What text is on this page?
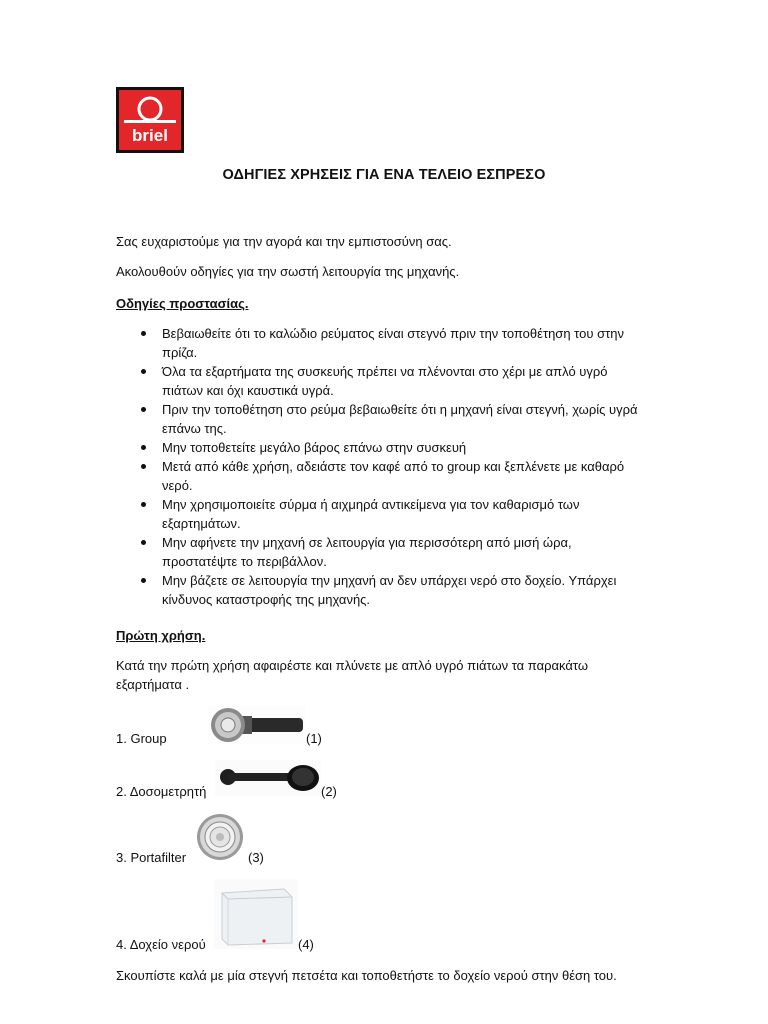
briel
ΟΔΗΓΙΕΣ ΧΡΗΣΕΙΣ ΓΙΑ ΕΝΑ ΤΕΛΕΙΟ ΕΣΠΡΕΣΟ
Σας ευχαριστούμε για την αγορά και την εμπιστοσύνη σας.
Ακολουθούν οδηγίες για την σωστή λειτουργία της μηχανής.
Οδηγίες προστασίας.
Βεβαιωθείτε ότι το καλώδιο ρεύματος είναι στεγνό πριν την τοποθέτηση του στην πρίζα.
Όλα τα εξαρτήματα της συσκευής πρέπει να πλένονται στο χέρι με απλό υγρό πιάτων και όχι καυστικά υγρά.
Πριν την τοποθέτηση στο ρεύμα βεβαιωθείτε ότι η μηχανή είναι στεγνή, χωρίς υγρά επάνω της.
Μην τοποθετείτε μεγάλο βάρος επάνω στην συσκευή
Μετά από κάθε χρήση, αδειάστε τον καφέ από το group και ξεπλένετε με καθαρό νερό.
Μην χρησιμοποιείτε σύρμα ή αιχμηρά αντικείμενα για τον καθαρισμό των εξαρτημάτων.
Μην αφήνετε την μηχανή σε λειτουργία για περισσότερη από μισή ώρα, προστατέψτε το περιβάλλον.
Μην βάζετε σε λειτουργία την μηχανή αν δεν υπάρχει νερό στο δοχείο. Υπάρχει κίνδυνος καταστροφής της μηχανής.
Πρώτη χρήση.
Κατά την πρώτη χρήση αφαιρέστε και πλύνετε με απλό υγρό πιάτων τα παρακάτω εξαρτήματα .
1. Group	(1)
2. Δοσομετρητή	(2)
3. Portafilter	(3)
4. Δοχείο νερού	(4)
Σκουπίστε καλά με μία στεγνή πετσέτα και τοποθετήστε το δοχείο νερού στην θέση του.
